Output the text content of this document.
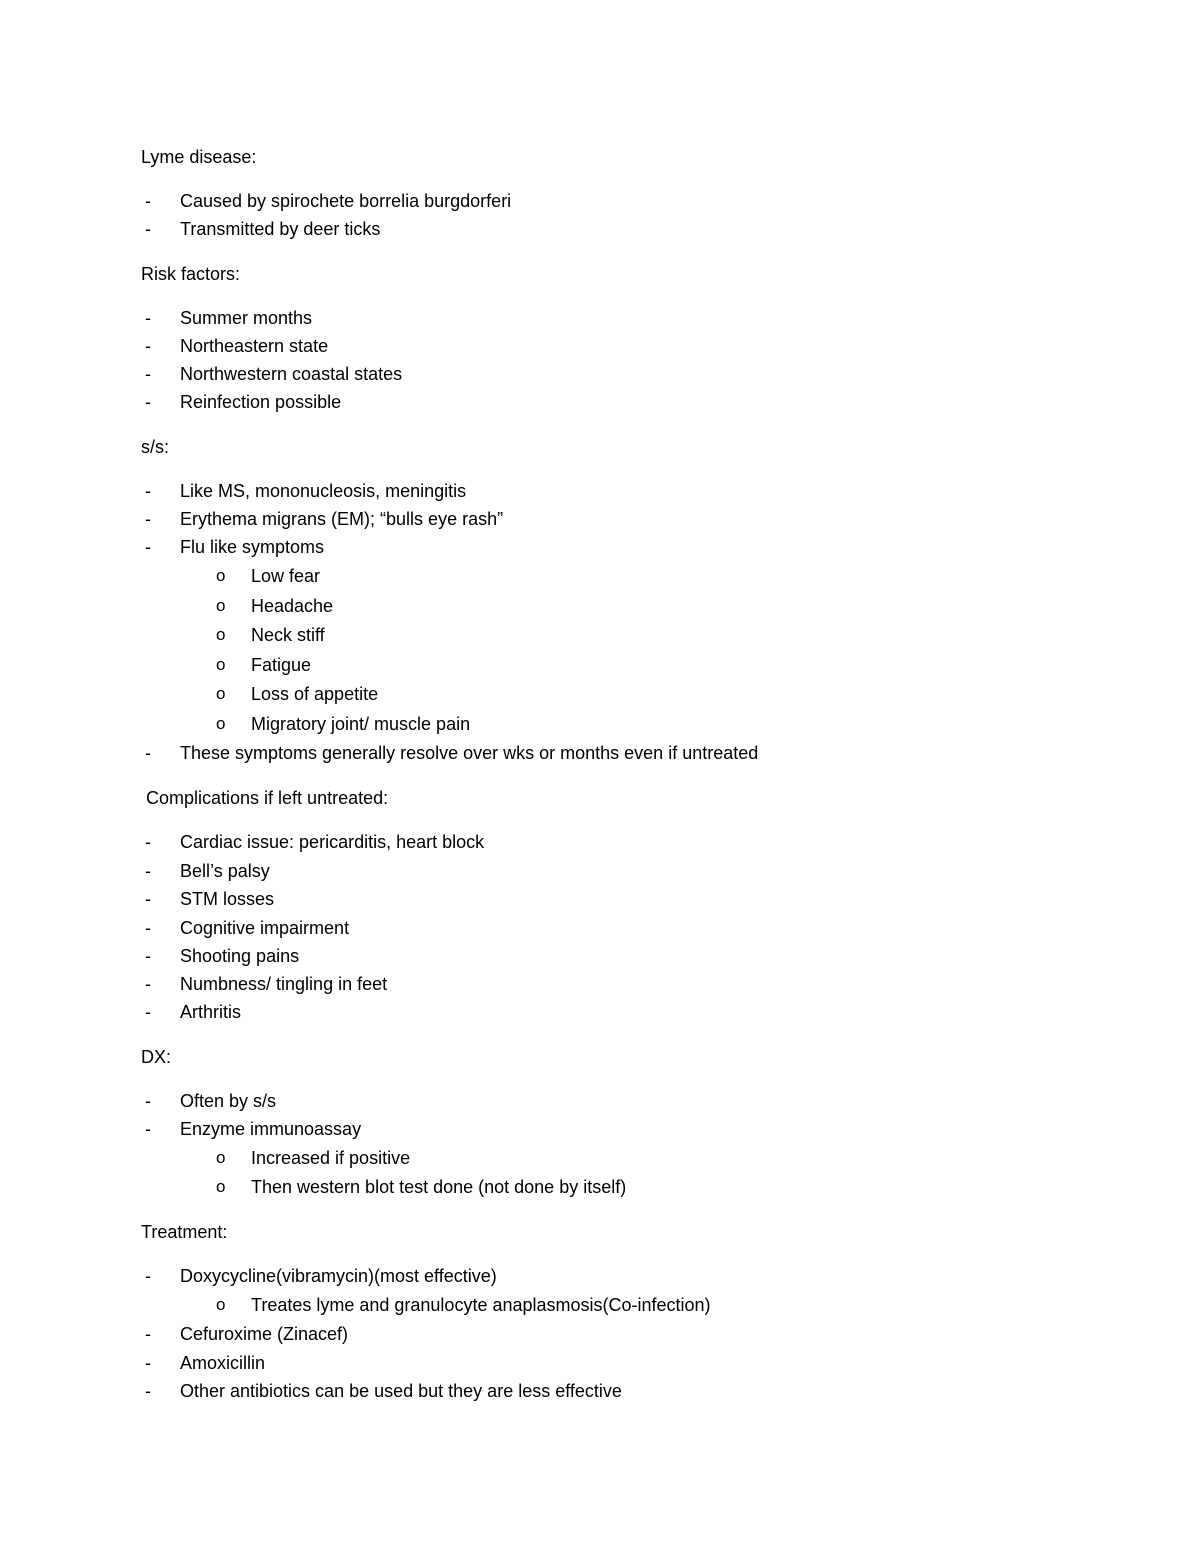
Lyme disease:
- Caused by spirochete borrelia burgdorferi
- Transmitted by deer ticks
Risk factors:
- Summer months
- Northeastern state
- Northwestern coastal states
- Reinfection possible
s/s:
- Like MS, mononucleosis, meningitis
- Erythema migrans (EM); “bulls eye rash”
- Flu like symptoms
o Low fear
o Headache
o Neck stiff
o Fatigue
o Loss of appetite
o Migratory joint/ muscle pain
- These symptoms generally resolve over wks or months even if untreated
Complications if left untreated:
- Cardiac issue: pericarditis, heart block
- Bell’s palsy
- STM losses
- Cognitive impairment
- Shooting pains
- Numbness/ tingling in feet
- Arthritis
DX:
- Often by s/s
- Enzyme immunoassay
o Increased if positive
o Then western blot test done (not done by itself)
Treatment:
- Doxycycline(vibramycin)(most effective)
o Treates lyme and granulocyte anaplasmosis(Co-infection)
- Cefuroxime (Zinacef)
- Amoxicillin
- Other antibiotics can be used but they are less effective
